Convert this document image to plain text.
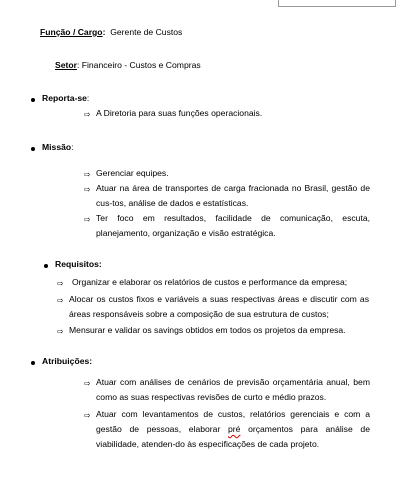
Função / Cargo: Gerente de Custos
Setor: Financeiro - Custos e Compras
Reporta-se:
⇨ A Diretoria para suas funções operacionais.
Missão:
⇨ Gerenciar equipes.
⇨ Atuar na área de transportes de carga fracionada no Brasil, gestão de cus-tos, análise de dados e estatísticas.
⇨ Ter foco em resultados, facilidade de comunicação, escuta, planejamento, organização e visão estratégica.
Requisitos:
⇨ Organizar e elaborar os relatórios de custos e performance da empresa;
⇨ Alocar os custos fixos e variáveis a suas respectivas áreas e discutir com as áreas responsáveis sobre a composição de sua estrutura de custos;
⇨ Mensurar e validar os savings obtidos em todos os projetos da empresa.
Atribuições:
⇨ Atuar com análises de cenários de previsão orçamentária anual, bem como as suas respectivas revisões de curto e médio prazos.
⇨ Atuar com levantamentos de custos, relatórios gerenciais e com a gestão de pessoas, elaborar pré orçamentos para análise de viabilidade, atenden-do às especificações de cada projeto.
